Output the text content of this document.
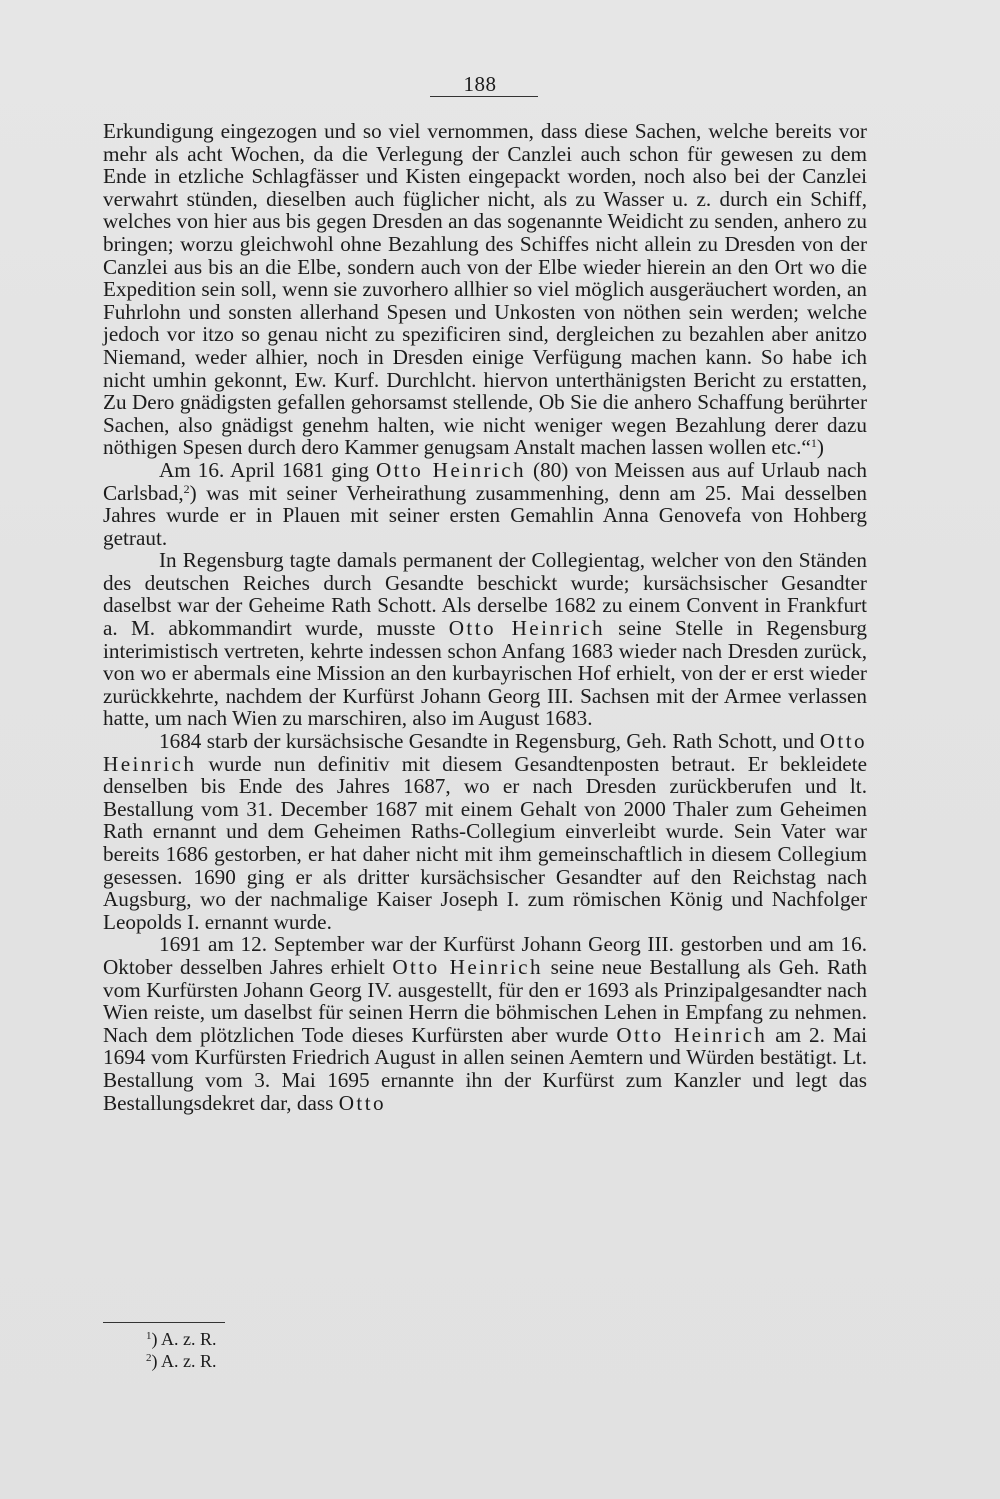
188

Erkundigung eingezogen und so viel vernommen, dass diese Sachen, welche bereits vor mehr als acht Wochen, da die Verlegung der Canzlei auch schon für gewesen zu dem Ende in etzliche Schlagfässer und Kisten eingepackt worden, noch also bei der Canzlei verwahrt stünden, dieselben auch füglicher nicht, als zu Wasser u. z. durch ein Schiff, welches von hier aus bis gegen Dresden an das sogenannte Weidicht zu senden, anhero zu bringen; worzu gleichwohl ohne Bezahlung des Schiffes nicht allein zu Dresden von der Canzlei aus bis an die Elbe, sondern auch von der Elbe wieder hierein an den Ort wo die Expedition sein soll, wenn sie zuvorhero allhier so viel möglich ausgeräuchert worden, an Fuhrlohn und sonsten allerhand Spesen und Unkosten von nöthen sein werden; welche jedoch vor itzo so genau nicht zu spezificiren sind, dergleichen zu bezahlen aber anitzo Niemand, weder alhier, noch in Dresden einige Verfügung machen kann. So habe ich nicht umhin gekonnt, Ew. Kurf. Durchlcht. hiervon unterthänigsten Bericht zu erstatten, Zu Dero gnädigsten gefallen gehorsamst stellende, Ob Sie die anhero Schaffung berührter Sachen, also gnädigst genehm halten, wie nicht weniger wegen Bezahlung derer dazu nöthigen Spesen durch dero Kammer genugsam Anstalt machen lassen wollen etc.“$^1$)

Am 16. April 1681 ging Otto Heinrich (80) von Meissen aus auf Urlaub nach Carlsbad,$^2$) was mit seiner Verheirathung zusammenhing, denn am 25. Mai desselben Jahres wurde er in Plauen mit seiner ersten Gemahlin Anna Genovefa von Hohberg getraut.

In Regensburg tagte damals permanent der Collegientag, welcher von den Ständen des deutschen Reiches durch Gesandte beschickt wurde; kursächsischer Gesandter daselbst war der Geheime Rath Schott. Als derselbe 1682 zu einem Convent in Frankfurt a. M. abkommandirt wurde, musste Otto Heinrich seine Stelle in Regensburg interimistisch vertreten, kehrte indessen schon Anfang 1683 wieder nach Dresden zurück, von wo er abermals eine Mission an den kurbayrischen Hof erhielt, von der er erst wieder zurückkehrte, nachdem der Kurfürst Johann Georg III. Sachsen mit der Armee verlassen hatte, um nach Wien zu marschiren, also im August 1683.

1684 starb der kursächsische Gesandte in Regensburg, Geh. Rath Schott, und Otto Heinrich wurde nun definitiv mit diesem Gesandtenposten betraut. Er bekleidete denselben bis Ende des Jahres 1687, wo er nach Dresden zurückberufen und lt. Bestallung vom 31. December 1687 mit einem Gehalt von 2000 Thaler zum Geheimen Rath ernannt und dem Geheimen Raths-Collegium einverleibt wurde. Sein Vater war bereits 1686 gestorben, er hat daher nicht mit ihm gemeinschaftlich in diesem Collegium gesessen. 1690 ging er als dritter kursächsischer Gesandter auf den Reichstag nach Augsburg, wo der nachmalige Kaiser Joseph I. zum römischen König und Nachfolger Leopolds I. ernannt wurde.

1691 am 12. September war der Kurfürst Johann Georg III. gestorben und am 16. Oktober desselben Jahres erhielt Otto Heinrich seine neue Bestallung als Geh. Rath vom Kurfürsten Johann Georg IV. ausgestellt, für den er 1693 als Prinzipalgesandter nach Wien reiste, um daselbst für seinen Herrn die böhmischen Lehen in Empfang zu nehmen. Nach dem plötzlichen Tode dieses Kurfürsten aber wurde Otto Heinrich am 2. Mai 1694 vom Kurfürsten Friedrich August in allen seinen Aemtern und Würden bestätigt. Lt. Bestallung vom 3. Mai 1695 ernannte ihn der Kurfürst zum Kanzler und legt das Bestallungsdekret dar, dass Otto

$^1$) A. z. R.
$^2$) A. z. R.
